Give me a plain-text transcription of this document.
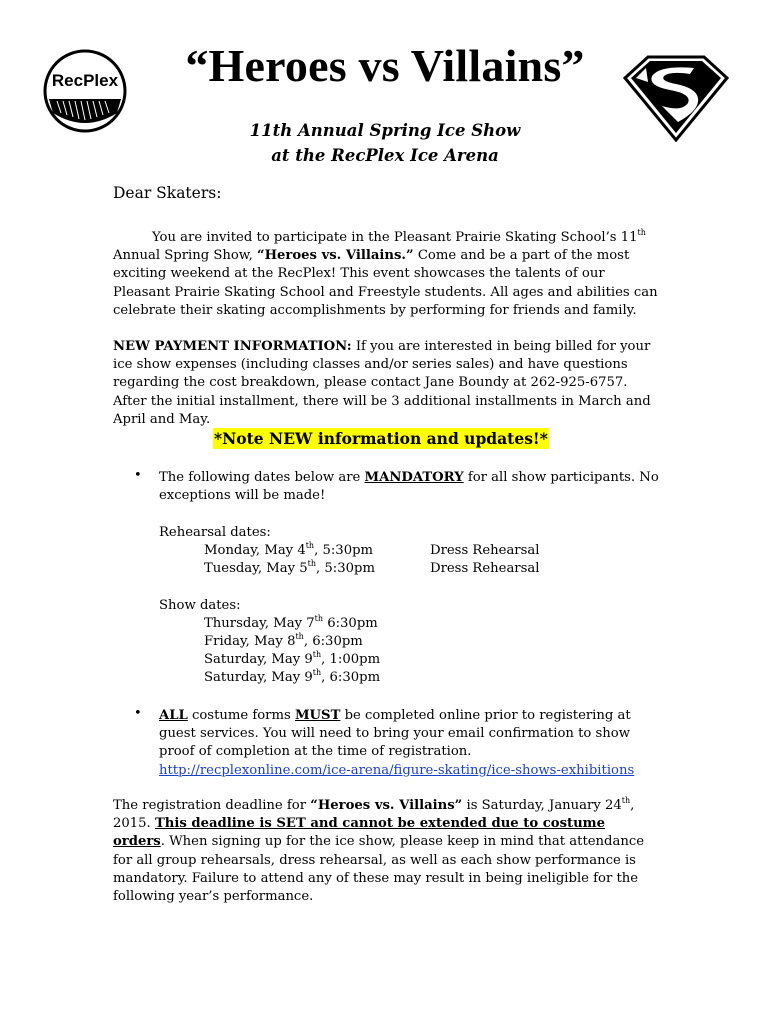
RecPlex	“Heroes vs Villains”
11th Annual Spring Ice Show
at the RecPlex Ice Arena
Dear Skaters:
You are invited to participate in the Pleasant Prairie Skating School’s 11th Annual Spring Show, “Heroes vs. Villains.” Come and be a part of the most exciting weekend at the RecPlex! This event showcases the talents of our Pleasant Prairie Skating School and Freestyle students. All ages and abilities can celebrate their skating accomplishments by performing for friends and family.
NEW PAYMENT INFORMATION: If you are interested in being billed for your ice show expenses (including classes and/or series sales) and have questions regarding the cost breakdown, please contact Jane Boundy at 262-925-6757. After the initial installment, there will be 3 additional installments in March and April and May.
*Note NEW information and updates!*
• The following dates below are MANDATORY for all show participants. No exceptions will be made!
Rehearsal dates:
Monday, May 4th, 5:30pm	Dress Rehearsal
Tuesday, May 5th, 5:30pm	Dress Rehearsal
Show dates:
Thursday, May 7th 6:30pm
Friday, May 8th, 6:30pm
Saturday, May 9th, 1:00pm
Saturday, May 9th, 6:30pm
• ALL costume forms MUST be completed online prior to registering at guest services. You will need to bring your email confirmation to show proof of completion at the time of registration.
http://recplexonline.com/ice-arena/figure-skating/ice-shows-exhibitions
The registration deadline for “Heroes vs. Villains” is Saturday, January 24th, 2015. This deadline is SET and cannot be extended due to costume orders. When signing up for the ice show, please keep in mind that attendance for all group rehearsals, dress rehearsal, as well as each show performance is mandatory. Failure to attend any of these may result in being ineligible for the following year’s performance.
